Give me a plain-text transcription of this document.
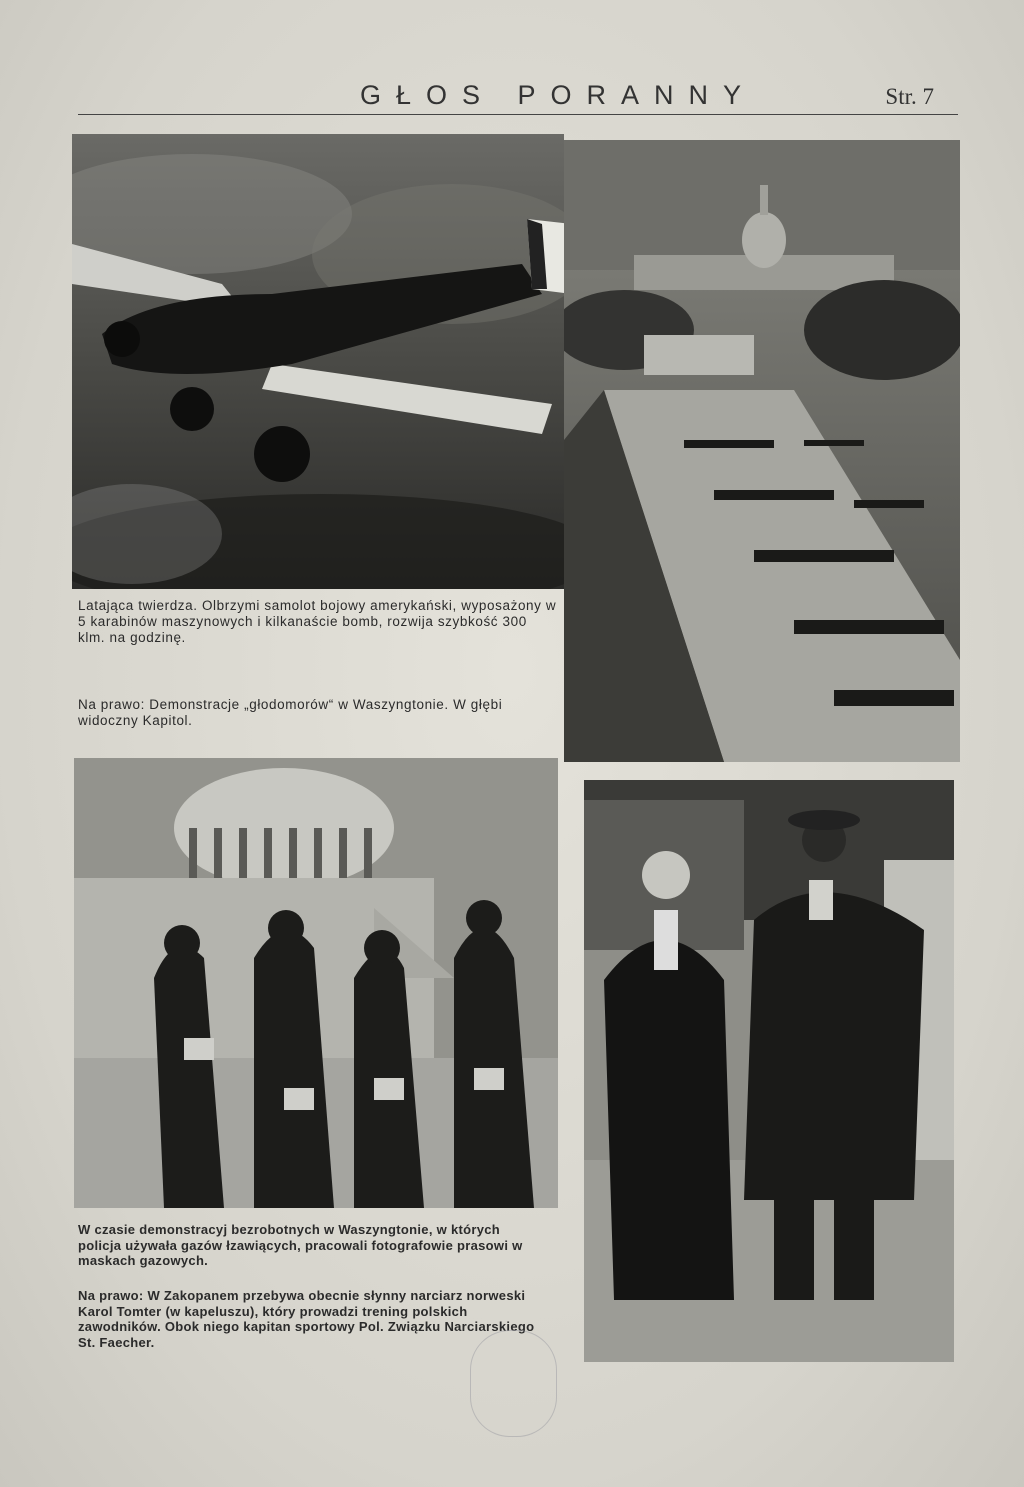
GŁOS PORANNY	Str. 7

Latająca twierdza. Olbrzymi samolot bojowy amerykański, wyposażony w 5 karabinów maszynowych i kilkanaście bomb, rozwija szybkość 300 klm. na godzinę.

Na prawo: Demonstracje „głodomorów“ w Waszyngtonie. W głębi widoczny Kapitol.

W czasie demonstracyj bezrobotnych w Waszyngtonie, w których policja używała gazów łzawiących, pracowali fotografowie prasowi w maskach gazowych.

Na prawo: W Zakopanem przebywa obecnie słynny narciarz norweski Karol Tomter (w kapeluszu), który prowadzi trening polskich zawodników. Obok niego kapitan sportowy Pol. Związku Narciarskiego St. Faecher.
